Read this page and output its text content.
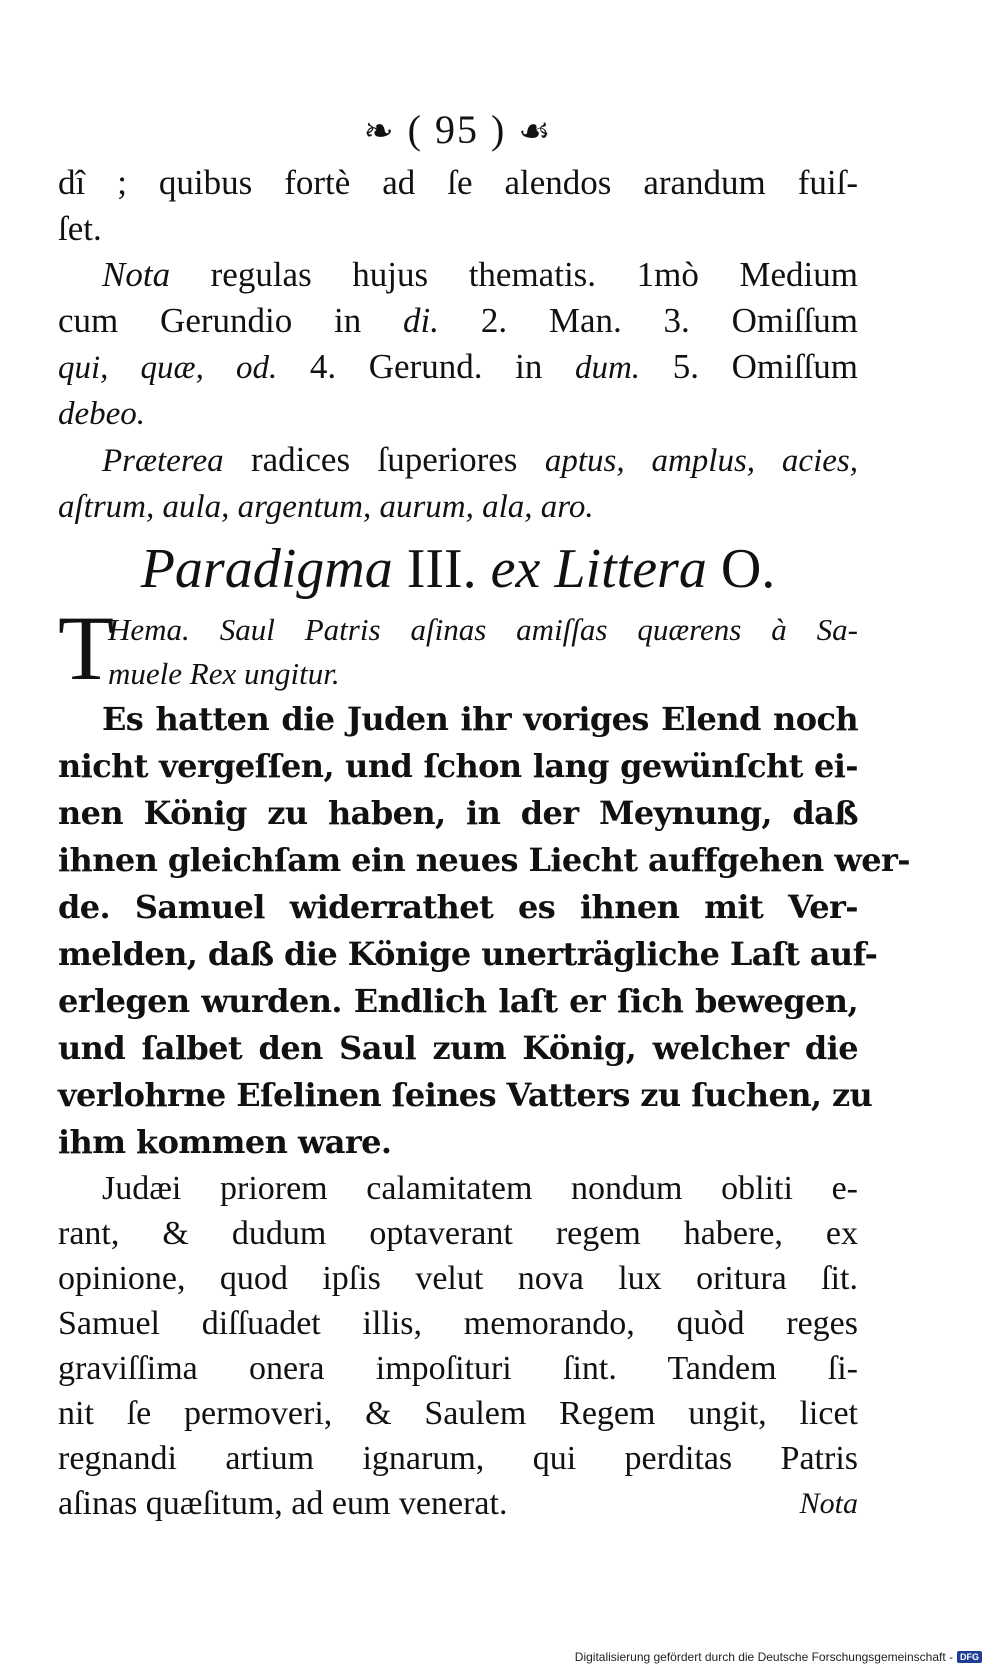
❧ ( 95 ) ☙
dî ; quibus fortè ad ſe alendos arandum fuiſ-
ſet.
Nota regulas hujus thematis. 1mò Medium
cum Gerundio in di. 2. Man. 3. Omiſſum
qui, quæ, od. 4. Gerund. in dum. 5. Omiſſum
debeo.
Præterea radices ſuperiores aptus, amplus, acies,
aſtrum, aula, argentum, aurum, ala, aro.
Paradigma III. ex Littera O.
T
Hema. Saul Patris aſinas amiſſas quærens à Sa-
muele Rex ungitur.
Es hatten die Juden ihr voriges Elend noch
nicht vergeſſen, und ſchon lang gewünſcht ei-
nen König zu haben, in der Meynung, daß
ihnen gleichſam ein neues Liecht auffgehen wer-
de. Samuel widerrathet es ihnen mit Ver-
melden, daß die Könige unerträgliche Laſt auf-
erlegen wurden. Endlich laſt er ſich bewegen,
und ſalbet den Saul zum König, welcher die
verlohrne Eſelinen ſeines Vatters zu ſuchen, zu
ihm kommen ware.
Judæi priorem calamitatem nondum obliti e-
rant, & dudum optaverant regem habere, ex
opinione, quod ipſis velut nova lux oritura ſit.
Samuel diſſuadet illis, memorando, quòd reges
graviſſima onera impoſituri ſint. Tandem ſi-
nit ſe permoveri, & Saulem Regem ungit, licet
regnandi artium ignarum, qui perditas Patris
aſinas quæſitum, ad eum venerat.	Nota
Digitalisierung gefördert durch die Deutsche Forschungsgemeinschaft - DFG
